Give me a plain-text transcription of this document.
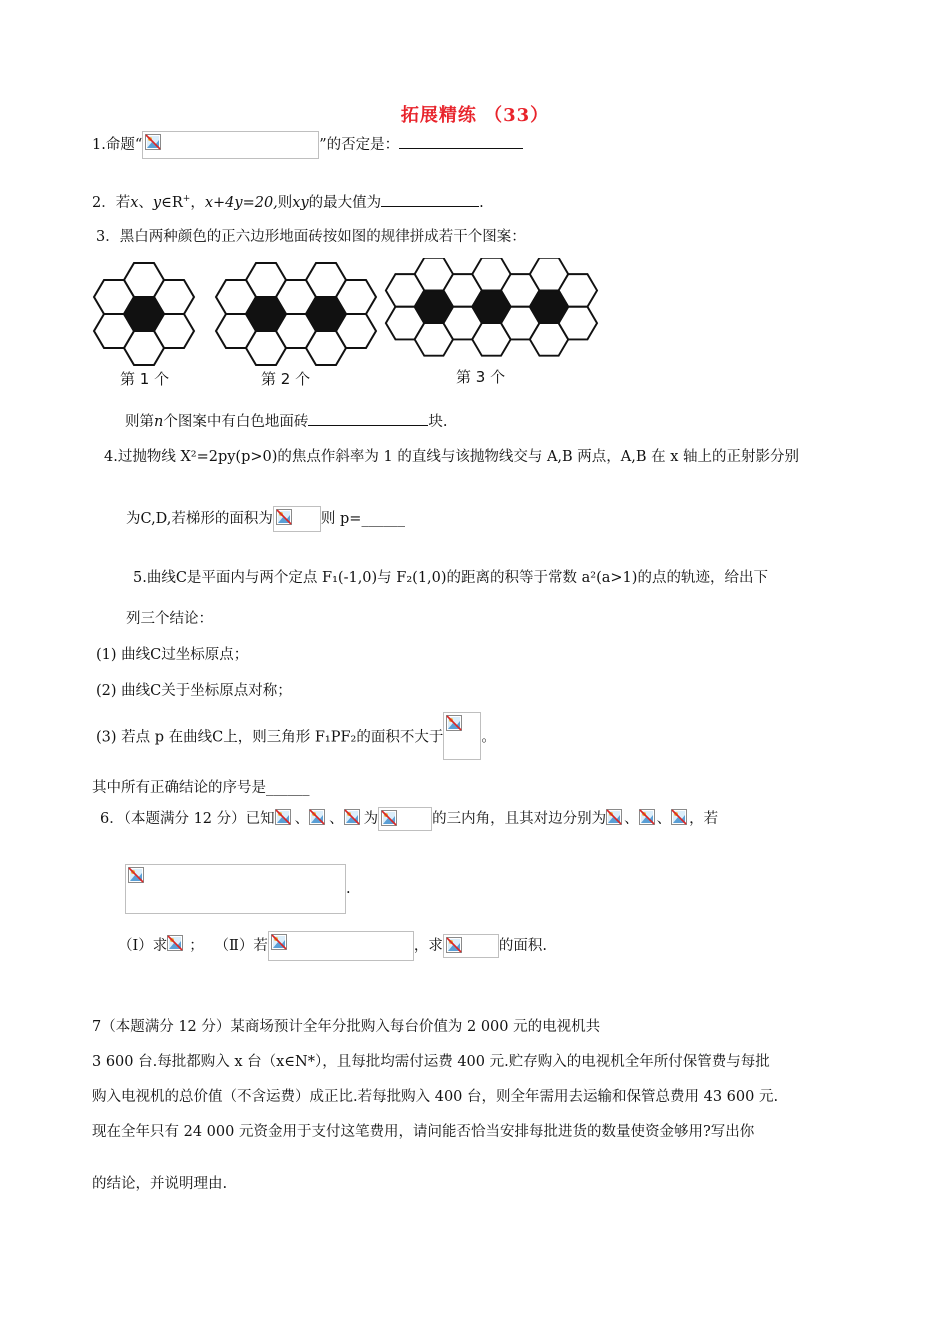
拓展精练 （33）
1.命题“	”的否定是：
2．若x、y∈R+，x+4y=20,则xy的最大值为	.
3．黑白两种颜色的正六边形地面砖按如图的规律拼成若干个图案：
第 1 个	第 2 个	第 3 个
则第n个图案中有白色地面砖	块.
4.过抛物线 X²=2py(p>0)的焦点作斜率为 1 的直线与该抛物线交与 A,B 两点，A,B 在 x 轴上的正射影分别
为C,D,若梯形的面积为	则 p=______
5.曲线C是平面内与两个定点 F₁(-1,0)与 F₂(1,0)的距离的积等于常数 a²(a>1)的点的轨迹，给出下
列三个结论：
(1) 曲线C过坐标原点；
(2) 曲线C关于坐标原点对称；
(3) 若点 p 在曲线C上，则三角形 F₁PF₂的面积不大于	。
其中所有正确结论的序号是______
6．（本题满分 12 分）已知 、 、 为	的三内角，且其对边分别为 、 、 ，若
.
（Ⅰ）求 ； （Ⅱ）若	，求	的面积.
7（本题满分 12 分）某商场预计全年分批购入每台价值为 2 000 元的电视机共
3 600 台.每批都购入 x 台（x∈N*），且每批均需付运费 400 元.贮存购入的电视机全年所付保管费与每批
购入电视机的总价值（不含运费）成正比.若每批购入 400 台，则全年需用去运输和保管总费用 43 600 元.
现在全年只有 24 000 元资金用于支付这笔费用，请问能否恰当安排每批进货的数量使资金够用?写出你
的结论，并说明理由.
